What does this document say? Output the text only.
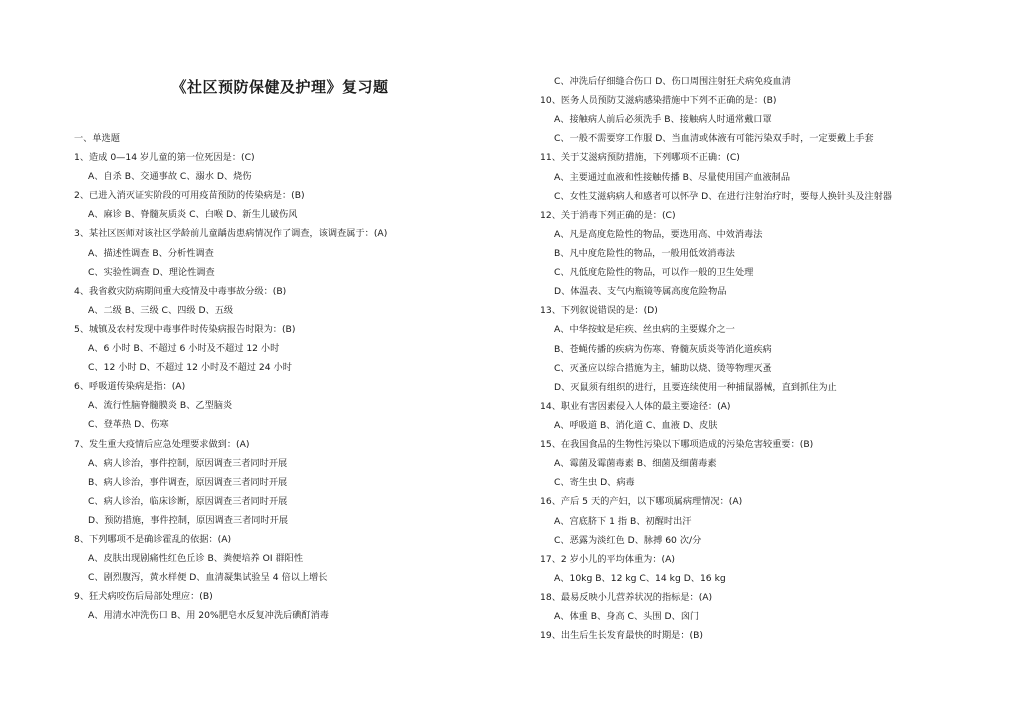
《社区预防保健及护理》复习题
一、单选题
1、造成 0—14 岁儿童的第一位死因是：(C)
A、自杀 B、交通事故 C、溺水 D、烧伤
2、已进入消灭证实阶段的可用疫苗预防的传染病是：(B)
A、麻诊 B、脊髓灰质炎 C、白喉 D、新生儿破伤风
3、某社区医师对该社区学龄前儿童龋齿患病情况作了调查，该调查属于：(A)
A、描述性调查 B、分析性调查
C、实验性调查 D、理论性调查
4、我省救灾防病期间重大疫情及中毒事故分级：(B)
A、二级 B、三级 C、四级 D、五级
5、城镇及农村发现中毒事件时传染病报告时限为：(B)
A、6 小时 B、不超过 6 小时及不超过 12 小时
C、12 小时 D、不超过 12 小时及不超过 24 小时
6、呼吸道传染病是指：(A)
A、流行性脑脊髓膜炎 B、乙型脑炎
C、登革热 D、伤寒
7、发生重大疫情后应急处理要求做到：(A)
A、病人诊治，事件控制，原因调查三者同时开展
B、病人诊治，事件调查，原因调查三者同时开展
C、病人诊治，临床诊断，原因调查三者同时开展
D、预防措施，事件控制，原因调查三者同时开展
8、下列哪项不是确诊霍乱的依据：(A)
A、皮肤出现剧痛性红色丘诊 B、粪便培养 OI 群阳性
C、剧烈腹泻，黄水样便 D、血清凝集试验呈 4 倍以上增长
9、狂犬病咬伤后局部处理应：(B)
A、用清水冲洗伤口 B、用 20%肥皂水反复冲洗后碘酊消毒
C、冲洗后仔细缝合伤口 D、伤口周围注射狂犬病免疫血清
10、医务人员预防艾滋病感染措施中下列不正确的是：(B)
A、接触病人前后必须洗手 B、接触病人时通常戴口罩
C、一般不需要穿工作服 D、当血清或体液有可能污染双手时，一定要戴上手套
11、关于艾滋病预防措施，下列哪项不正确：(C)
A、主要通过血液和性接触传播 B、尽量使用国产血液制品
C、女性艾滋病病人和感者可以怀孕 D、在进行注射治疗时，要每人换针头及注射器
12、关于消毒下列正确的是：(C)
A、凡是高度危险性的物品，要选用高、中效消毒法
B、凡中度危险性的物品，一般用低效消毒法
C、凡低度危险性的物品，可以作一般的卫生处理
D、体温表、支气内瓶镜等属高度危险物品
13、下列叙说错误的是：(D)
A、中华按蚊是疟疾、丝虫病的主要媒介之一
B、苍蝇传播的疾病为伤寒、脊髓灰质炎等消化道疾病
C、灭蚤应以综合措施为主，辅助以烧、烫等物理灭蚤
D、灭鼠须有组织的进行，且要连续使用一种捕鼠器械，直到抓住为止
14、职业有害因素侵入人体的最主要途径：(A)
A、呼吸道 B、消化道 C、血液 D、皮肤
15、在我国食品的生物性污染以下哪项造成的污染危害较重要：(B)
A、霉菌及霉菌毒素 B、细菌及细菌毒素
C、寄生虫 D、病毒
16、产后 5 天的产妇，以下哪项属病理情况：(A)
A、宫底脐下 1 指 B、初醒时出汗
C、恶露为淡红色 D、脉搏 60 次/分
17、2 岁小儿的平均体重为：(A)
A、10kg B、12 kg C、14 kg D、16 kg
18、最易反映小儿营养状况的指标是：(A)
A、体重 B、身高 C、头围 D、囟门
19、出生后生长发育最快的时期是：(B)
